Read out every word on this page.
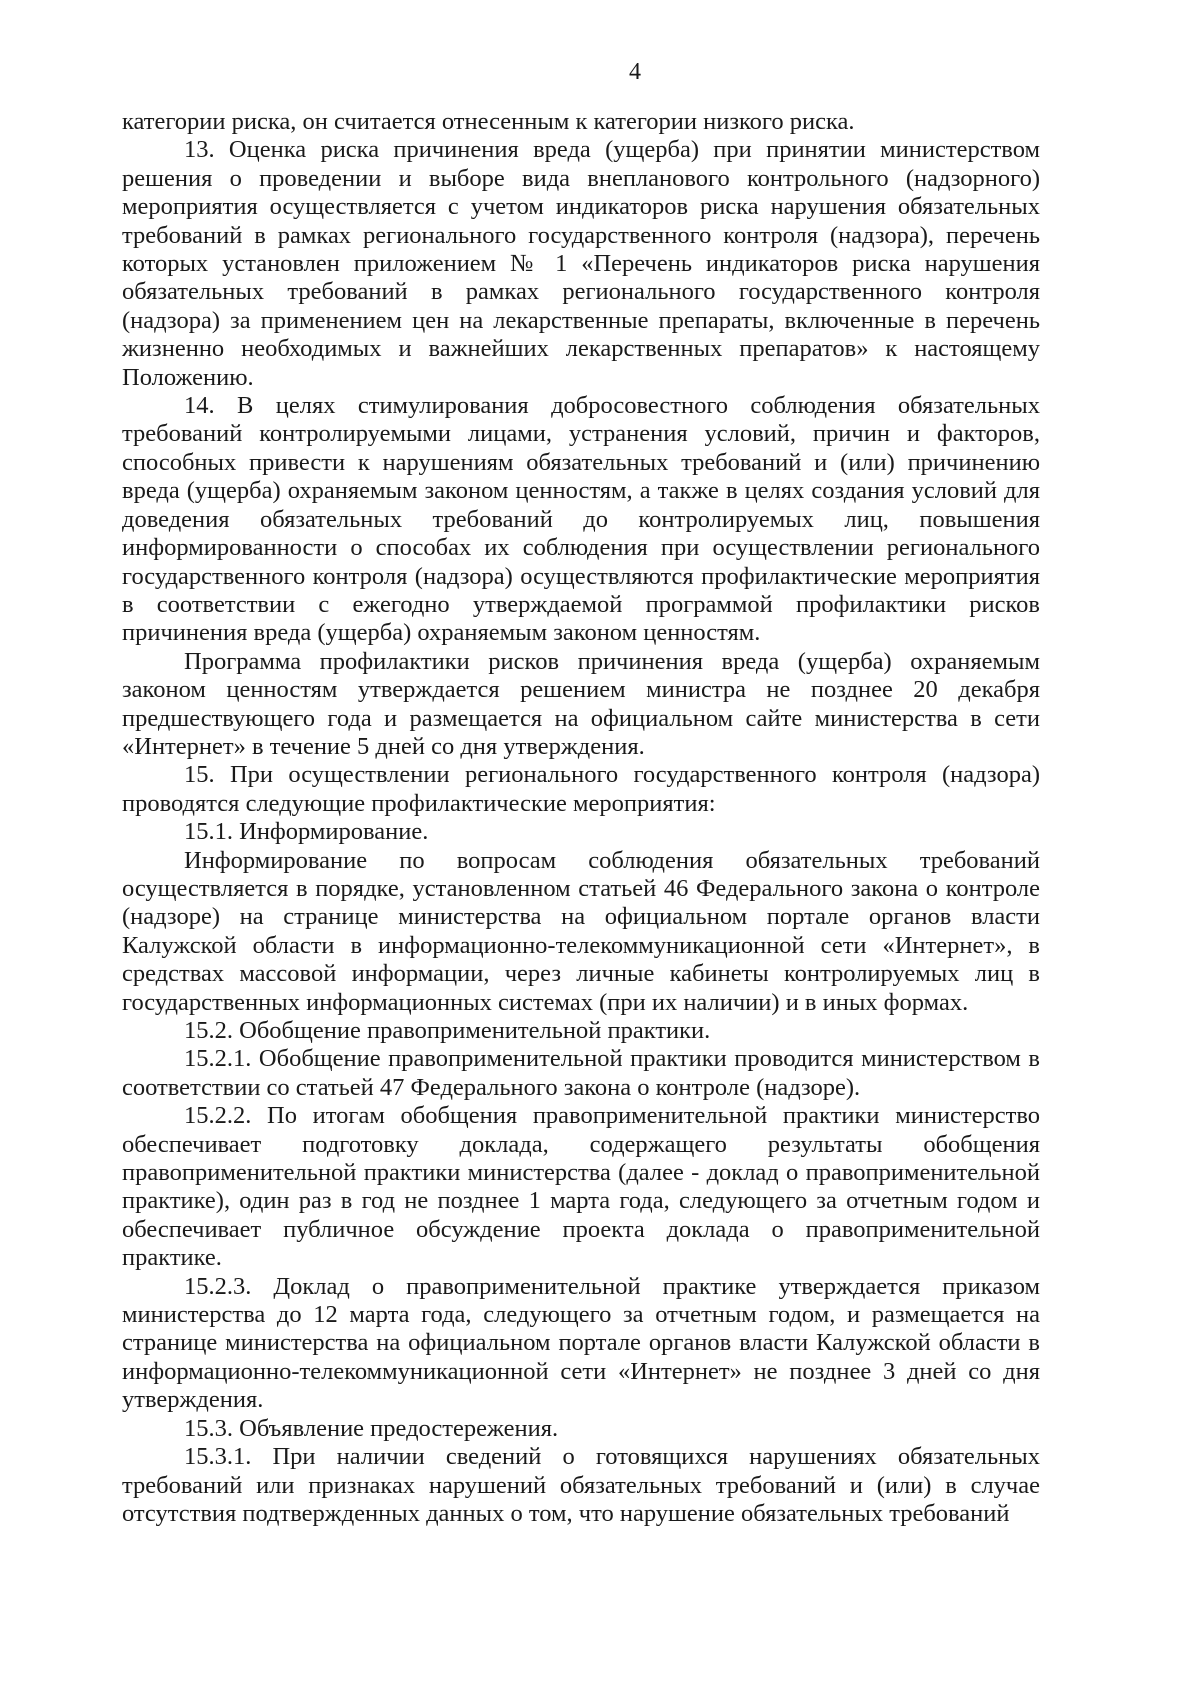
4

категории риска, он считается отнесенным к категории низкого риска.

13. Оценка риска причинения вреда (ущерба) при принятии министерством решения о проведении и выборе вида внепланового контрольного (надзорного) мероприятия осуществляется с учетом индикаторов риска нарушения обязательных требований в рамках регионального государственного контроля (надзора), перечень которых установлен приложением № 1 «Перечень индикаторов риска нарушения обязательных требований в рамках регионального государственного контроля (надзора) за применением цен на лекарственные препараты, включенные в перечень жизненно необходимых и важнейших лекарственных препаратов» к настоящему Положению.

14. В целях стимулирования добросовестного соблюдения обязательных требований контролируемыми лицами, устранения условий, причин и факторов, способных привести к нарушениям обязательных требований и (или) причинению вреда (ущерба) охраняемым законом ценностям, а также в целях создания условий для доведения обязательных требований до контролируемых лиц, повышения информированности о способах их соблюдения при осуществлении регионального государственного контроля (надзора) осуществляются профилактические мероприятия в соответствии с ежегодно утверждаемой программой профилактики рисков причинения вреда (ущерба) охраняемым законом ценностям.

Программа профилактики рисков причинения вреда (ущерба) охраняемым законом ценностям утверждается решением министра не позднее 20 декабря предшествующего года и размещается на официальном сайте министерства в сети «Интернет» в течение 5 дней со дня утверждения.

15. При осуществлении регионального государственного контроля (надзора) проводятся следующие профилактические мероприятия:

15.1. Информирование.

Информирование по вопросам соблюдения обязательных требований осуществляется в порядке, установленном статьей 46 Федерального закона о контроле (надзоре) на странице министерства на официальном портале органов власти Калужской области в информационно-телекоммуникационной сети «Интернет», в средствах массовой информации, через личные кабинеты контролируемых лиц в государственных информационных системах (при их наличии) и в иных формах.

15.2. Обобщение правоприменительной практики.

15.2.1. Обобщение правоприменительной практики проводится министерством в соответствии со статьей 47 Федерального закона о контроле (надзоре).

15.2.2. По итогам обобщения правоприменительной практики министерство обеспечивает подготовку доклада, содержащего результаты обобщения правоприменительной практики министерства (далее - доклад о правоприменительной практике), один раз в год не позднее 1 марта года, следующего за отчетным годом и обеспечивает публичное обсуждение проекта доклада о правоприменительной практике.

15.2.3. Доклад о правоприменительной практике утверждается приказом министерства до 12 марта года, следующего за отчетным годом, и размещается на странице министерства на официальном портале органов власти Калужской области в информационно-телекоммуникационной сети «Интернет» не позднее 3 дней со дня утверждения.

15.3. Объявление предостережения.

15.3.1. При наличии сведений о готовящихся нарушениях обязательных требований или признаках нарушений обязательных требований и (или) в случае отсутствия подтвержденных данных о том, что нарушение обязательных требований
